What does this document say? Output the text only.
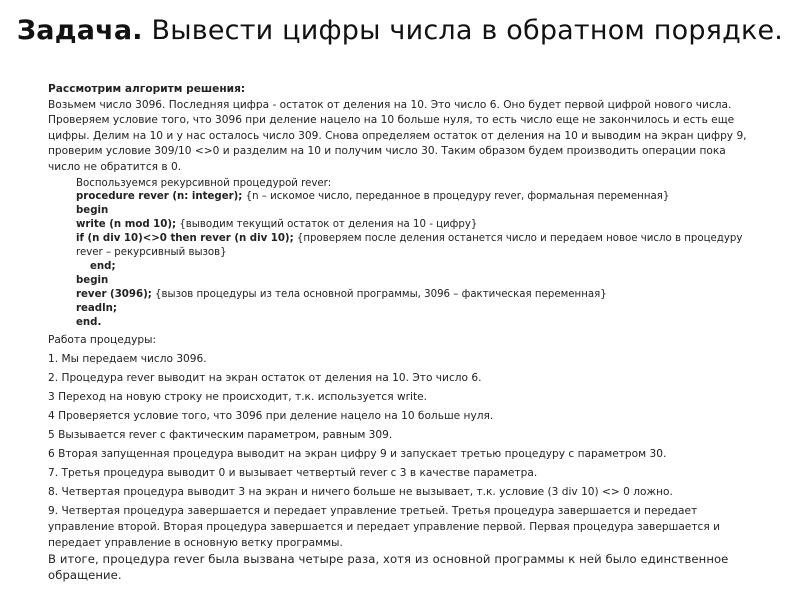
Задача. Вывести цифры числа в обратном порядке.

Рассмотрим алгоритм решения:

Возьмем число 3096. Последняя цифра - остаток от деления на 10. Это число 6. Оно будет первой цифрой нового числа. Проверяем условие того, что 3096 при деление нацело на 10 больше нуля, то есть число еще не закончилось и есть еще цифры. Делим на 10 и у нас осталось число 309. Снова определяем остаток от деления на 10 и выводим на экран цифру 9, проверим условие 309/10 <>0 и разделим на 10 и получим число 30. Таким образом будем производить операции пока число не обратится в 0.

Воспользуемся рекурсивной процедурой rever:
procedure rever (n: integer); {n – искомое число, переданное в процедуру rever, формальная переменная}
begin
write (n mod 10); {выводим текущий остаток от деления на 10 - цифру}
if (n div 10)<>0 then rever (n div 10); {проверяем после деления останется число и передаем новое число в процедуру rever – рекурсивный вызов}
end;
begin
rever (3096); {вызов процедуры из тела основной программы, 3096 – фактическая переменная}
readln;
end.

Работа процедуры:

1. Мы передаем число 3096.

2. Процедура rever выводит на экран остаток от деления на 10. Это число 6.

3 Переход на новую строку не происходит, т.к. используется write.

4 Проверяется условие того, что 3096 при деление нацело на 10 больше нуля.

5 Вызывается rever с фактическим параметром, равным 309.

6 Вторая запущенная процедура выводит на экран цифру 9 и запускает третью процедуру с параметром 30.

7. Третья процедура выводит 0 и вызывает четвертый rever с 3 в качестве параметра.

8. Четвертая процедура выводит 3 на экран и ничего больше не вызывает, т.к. условие (3 div 10) <> 0 ложно.

9. Четвертая процедура завершается и передает управление третьей. Третья процедура завершается и передает управление второй. Вторая процедура завершается и передает управление первой. Первая процедура завершается и передает управление в основную ветку программы.

В итоге, процедура rever была вызвана четыре раза, хотя из основной программы к ней было единственное обращение.
